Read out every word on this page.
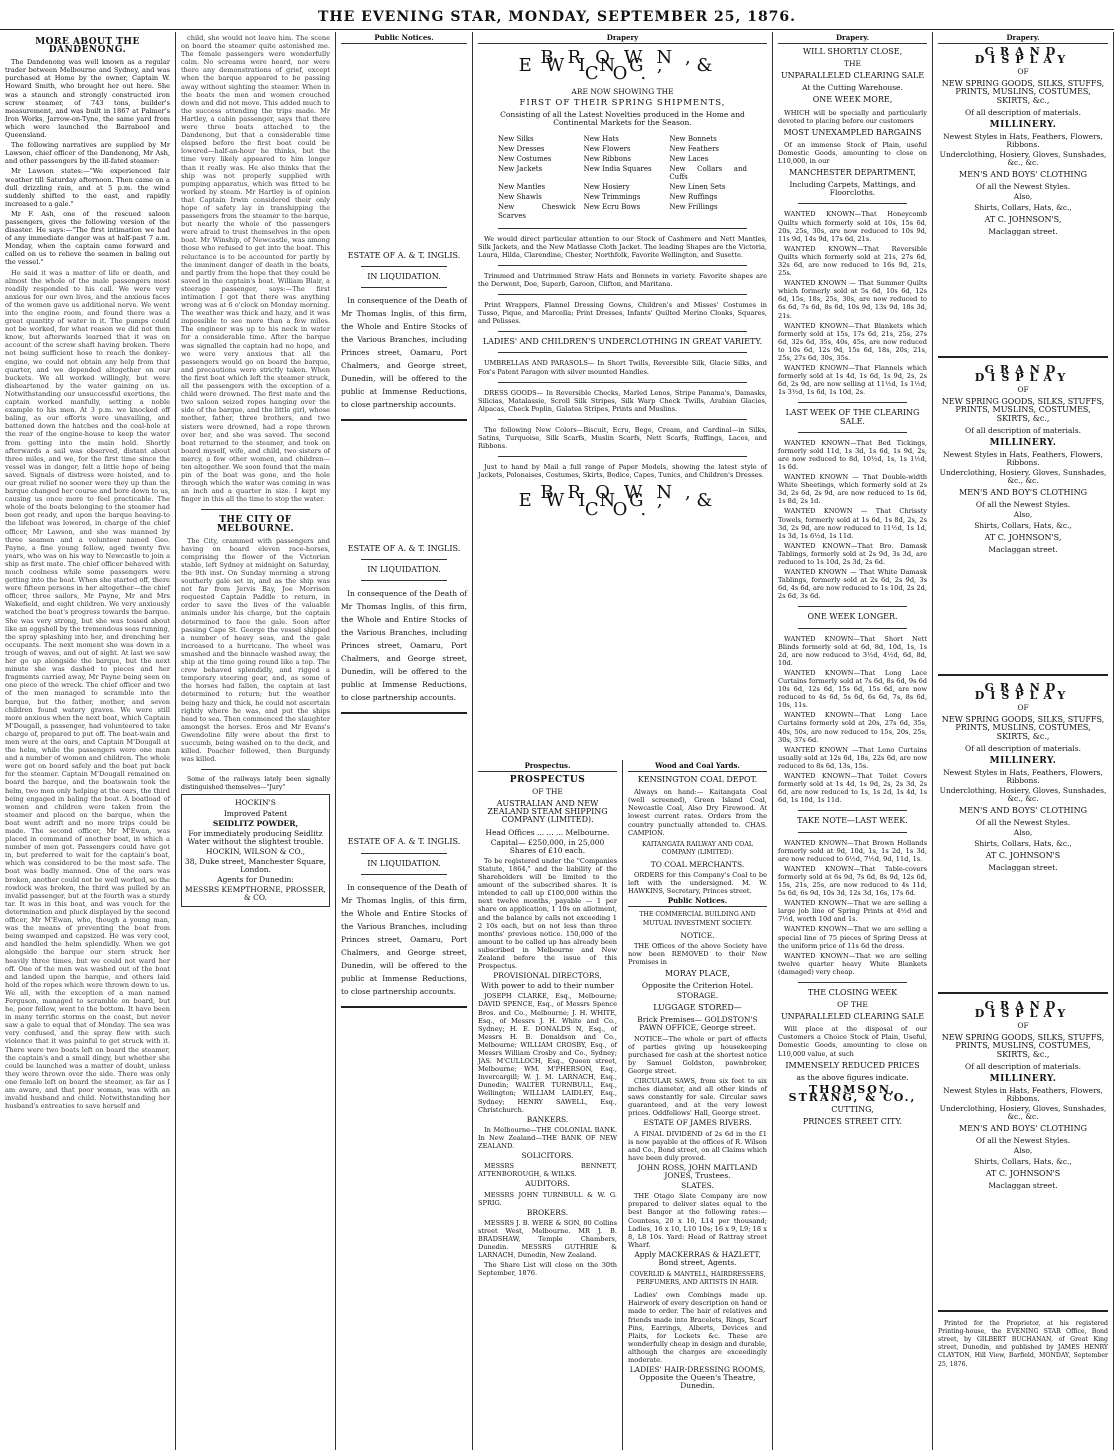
THE EVENING STAR, MONDAY, SEPTEMBER 25, 1876.
MORE ABOUT THE DANDENONG.

The Dandenong was well known as a regular trader between Melbourne and Sydney, and was purchased at Home by the owner, Captain W. Howard Smith, who brought her out here. She was a staunch and strongly constructed iron screw steamer, of 743 tons, builder's measurement, and was built in 1867 at Palmer's Iron Works, Jarrow-on-Tyne, the same yard from which were launched the Barrabool and Queensland.

The following narratives are supplied by Mr Lawson, chief officer of the Dandenong, Mr Ash, and other passengers by the ill-fated steamer:

Mr Lawson states:—"We experienced fair weather till Saturday afternoon. Then came on a dull drizzling rain, and at 5 p.m. the wind suddenly shifted to the east, and rapidly increased to a gale."

Mr F. Ash, one of the rescued saloon passengers, gives the following version of the disaster. He says:—"The first intimation we had of any immediate danger was at half-past 7 a.m. Monday, when the captain came forward and called on us to relieve the seamen in baling out the vessel."

He said it was a matter of life or death, and almost the whole of the male passengers most readily responded to his call. We were very anxious for our own lives, and the anxious faces of the women gave us additional nerve. We went into the engine room, and found there was a great quantity of water in it. The pumps could not be worked, for what reason we did not then know, but afterwards learned that it was on account of the screw shaft having broken. There not being sufficient hose to reach the donkey-engine, we could not obtain any help from that quarter, and we depended altogether on our buckets. We all worked willingly, but were disheartened by the water gaining on us. Notwithstanding our unsuccessful exertions, the captain worked manfully, setting a noble example to his men. At 3 p.m. we knocked off baling, as our efforts were unavailing, and battened down the hatches and the coal-hole at the rear of the engine-house to keep the water from getting into the main hold. Shortly afterwards a sail was observed, distant about three miles, and we, for the first time since the vessel was in danger, felt a little hope of being saved. Signals of distress were hoisted, and to our great relief no sooner were they up than the barque changed her course and bore down to us, causing us once more to feel practicable. The whole of the boats belonging to the steamer had been got ready, and upon the barque heaving-to the lifeboat was lowered, in charge of the chief officer, Mr Lawson, and she was manned by three seamen and a volunteer named Geo. Payne, a fine young fellow, aged twenty five years, who was on his way to Newcastle to join a ship as first mate. The chief officer behaved with much coolness while some passengers were getting into the boat. When she started off, there were fifteen persons in her altogether—the chief officer, three sailors, Mr Payne, Mr and Mrs Wakefield, and eight children. We very anxiously watched the boat's progress towards the barque. She was very strong, but she was tossed about like an eggshell by the tremendous seas running, the spray splashing into her, and drenching her occupants. The next moment she was down in a trough of waves, and out of sight. At last we saw her go up alongside the barque, but the next minute she was dashed to pieces and her fragments carried away, Mr Payne being seen on one piece of the wreck. The chief officer and two of the men managed to scramble into the barque, but the father, mother, and seven children found watery graves. We were still more anxious when the next boat, which Captain M'Dougall, a passenger, had volunteered to take charge of, prepared to put off. The boat-wain and men were at the oars, and Captain M'Dougall at the helm, while the passengers were one man and a number of women and children. The whole were got on board safely and the boat put back for the steamer. Captain M'Dougall remained on board the barque, and the boatswain took the helm, two men only helping at the oars, the third being engaged in baling the boat. A boatload of women and children were taken from the steamer and placed on the barque, when the boat went adrift and no more trips could be made. The second officer, Mr M'Ewan, was placed in command of another boat, in which a number of men got. Passengers could have got in, but preferred to wait for the captain's boat, which was considered to be the most safe. The boat was badly manned. One of the oars was broken, another could not be well worked, so the rowlock was broken, the third was pulled by an invalid passenger, but at the fourth was a sturdy tar. It was in this boat, and was vouch for the determination and pluck displayed by the second officer, Mr M'Ewan, who, though a young man, was the means of preventing the boat from being swamped and capsized. He was very cool, and handled the helm splendidly. When we got alongside the barque our stern struck her heavily three times, but we could not ward her off. One of the men was washed out of the boat and landed upon the barque, and others laid hold of the ropes which were thrown down to us. We all, with the exception of a man named Ferguson, managed to scramble on board, but he, poor fellow, went to the bottom. It have been in many terrific storms on the coast, but never saw a gale to equal that of Monday. The sea was very confused, and the spray flew with such violence that it was painful to get struck with it. There were two boats left on board the steamer, the captain's and a small dingy, but whether she could be launched was a matter of doubt, unless they were thrown over the side. There was only one female left on board the steamer, as far as I am aware, and that poor woman, was with an invalid husband and child. Notwithstanding her husband's entreaties to save herself and

child, she would not leave him. The scene on board the steamer quite astonished me. The female passengers were wonderfully calm. No screams were heard, nor were there any demonstrations of grief, except when the barque appeared to be passing away without sighting the steamer. When in the boats the men and women crouched down and did not move. This added much to the success attending the trips made. Mr Hartley, a cabin passenger, says that there were three boats attached to the Dandenong, but that a considerable time elapsed before the first boat could be lowered—half-an-hour he thinks, but the time very likely appeared to him longer than it really was. He also thinks that the ship was not properly supplied with pumping apparatus, which was fitted to be worked by steam. Mr Hartley is of opinion that Captain Irwin considered their only hope of safety lay in transhipping the passengers from the steamer to the barque, but nearly the whole of the passengers were afraid to trust themselves in the open boat. Mr Winship, of Newcastle, was among those who refused to get into the boat. This reluctance is to be accounted for partly by the imminent danger of death in the boats, and partly from the hope that they could be saved in the captain's boat. William Blair, a steerage passenger, says:—The first intimation I got that there was anything wrong was at 6 o'clock on Monday morning. The weather was thick and hazy, and it was impossible to see more than a few miles. The engineer was up to his neck in water for a considerable time. After the barque was signalled the captain had no hope, and we were very anxious that all the passengers would go on board the barque, and precautions were strictly taken. When the first boat which left the steamer struck, all the passengers with the exception of a child were drowned. The first mate and the two saloon seized ropes hanging over the side of the barque, and the little girl, whose mother, father, three brothers, and two sisters were drowned, had a rope thrown over her, and she was saved. The second boat returned to the steamer, and took on board myself, wife, and child, two sisters of mercy, a few other women, and children—ten altogether. We soon found that the main pin of the boat was gone, and the hole through which the water was coming in was an inch and a quarter in size. I kept my finger in this all the time to stop the water.

THE CITY OF MELBOURNE.

The City, crammed with passengers and having on board eleven race-horses, comprising the flower of the Victorian stable, left Sydney at midnight on Saturday, the 9th inst. On Sunday morning a strong southerly gale set in, and as the ship was not far from Jervis Bay, Joe Morrison requested Captain Paddle to return, in order to save the lives of the valuable animals under his charge, but the captain determined to face the gale. Soon after passing Cape St. George the vessel shipped a number of heavy seas, and the gale increased to a hurricane. The wheel was smashed and the binnacle washed away, the ship at the time going round like a top. The crew behaved splendidly, and rigged a temporary steering gear, and, as some of the horses had fallen, the captain at last determined to return; but the weather being hazy and thick, he could not ascertain rightly where he was, and put the ships head to sea. Then commenced the slaughter amongst the horses. Eros and Mr Evans's Gwendoline filly were about the first to succumb, being washed on to the deck, and killed. Poacher followed, then Burgundy was killed.

Some of the railways lately been signally distinguished themselves—"Jury"

HOCKIN'S
Improved Patent
SEIDLITZ POWDER,
For immediately producing Seidlitz Water without the slightest trouble.
HOCKIN, WILSON & CO.,
38, Duke street, Manchester Square, London.
Agents for Dunedin:
MESSRS KEMPTHORNE, PROSSER, & CO.
Public Notices.
ESTATE OF A. & T. INGLIS.
IN LIQUIDATION.

In consequence of the Death of Mr Thomas Inglis, of this firm, the Whole and Entire Stocks of the Various Branches, including Princes street, Oamaru, Port Chalmers, and George street, Dunedin, will be offered to the public at Immense Reductions, to close partnership accounts.

ESTATE OF A. & T. INGLIS.
IN LIQUIDATION.

In consequence of the Death of Mr Thomas Inglis, of this firm, the Whole and Entire Stocks of the Various Branches, including Princes street, Oamaru, Port Chalmers, and George street, Dunedin, will be offered to the public at Immense Reductions, to close partnership accounts.

ESTATE OF A. & T. INGLIS.
IN LIQUIDATION.

In consequence of the Death of Mr Thomas Inglis, of this firm, the Whole and Entire Stocks of the Various Branches, including Princes street, Oamaru, Port Chalmers, and George street, Dunedin, will be offered to the public at Immense Reductions, to close partnership accounts.

Drapery
BROWN, EWING, & CO.
ARE NOW SHOWING THE
FIRST OF THEIR SPRING SHIPMENTS,
Consisting of all the Latest Novelties produced in the Home and Continental Markets for the Season.
New Silks	New Hats	New Bonnets
New Dresses	New Flowers	New Feathers
New Costumes	New Ribbons	New Laces
New Jackets	New India Squares	New Collars and Cuffs
New Mantles	New Hosiery	New Linen Sets
New Shawls	New Trimmings	New Ruffings
New Cheswick Scarves
New Ecru Bows	New Frillings

We would direct particular attention to our Stock of Cashmere and Nett Mantles, Silk Jackets, and the New Matlasse Cloth Jacket. The leading Shapes are the Victoria, Laura, Hilda, Clarendine, Chester, Northfolk, Favorite Wellington, and Susette.

Trimmed and Untrimmed Straw Hats and Bonnets in variety. Favorite shapes are the Derwent, Doe, Superb, Garoon, Clifton, and Maritana.

Print Wrappers, Flannel Dressing Gowns, Children's and Misses' Costumes in Tusso, Pique, and Marcella; Print Dresses, Infants' Quilted Merino Cloaks, Squares, and Pelisses.

LADIES' AND CHILDREN'S UNDERCLOTHING IN GREAT VARIETY.

UMBRELLAS AND PARASOLS— In Short Twills, Reversible Silk, Glacie Silks, and Fox's Patent Paragon with silver mounted Handles.

DRESS GOODS— In Reversible Checks, Marled Lenos, Stripe Panama's, Damasks, Silicias, Matalassie, Scroll Silk Stripes, Silk Warp Check Twills, Arabian Glacies, Alpacas, Check Poplin, Galatea Stripes, Prints and Muslins.

The following New Colors—Biscuit, Ecru, Bege, Cream, and Cardinal—in Silks, Satins, Turquoise, Silk Scarfs, Muslin Scarfs, Nett Scarfs, Ruffings, Laces, and Ribbons.

Just to hand by Mail a full range of Paper Models, showing the latest style of Jackets, Polonaises, Costumes, Skirts, Bodice, Capes, Tunics, and Children's Dresses.

BROWN, EWING, & CO.
Prospectus.
PROSPECTUS
OF THE
AUSTRALIAN AND NEW ZEALAND STEAM SHIPPING COMPANY (LIMITED).
Head Offices ... ... ... Melbourne.
Capital— £250,000, in 25,000 Shares of £10 each.

To be registered under the "Companies Statute, 1864," and the liability of the Shareholders will be limited to the amount of the subscribed shares. It is intended to call up £100,000 within the next twelve months, payable — 1 per share on application, 1 10s on allotment, and the balance by calls not exceeding 1 2 10s each, but on not less than three months' previous notice. 150,000 of the amount to be called up has already been subscribed in Melbourne and New Zealand before the issue of this Prospectus.

PROVISIONAL DIRECTORS,
With power to add to their number

JOSEPH CLARKE, Esq., Melbourne; DAVID SPENCE, Esq., of Messrs Spence Bros. and Co., Melbourne; J. H. WHITE, Esq., of Messrs J. H. White and Co., Sydney; H. E. DONALDS N, Esq., of Messrs H. B. Donaldson and Co., Melbourne; WILLIAM CROSBY, Esq., of Messrs William Crosby and Co., Sydney; JAS. M'CULLOCH, Esq., Queen street, Melbourne; WM. M'PHERSON, Esq., Invercargill; W. J. M. LARNACH, Esq., Dunedin; WALTER TURNBULL, Esq., Wellington; WILLIAM LAIDLEY, Esq., Sydney; HENRY SAWELL, Esq., Christchurch.

BANKERS.

In Melbourne—THE COLONIAL BANK. In New Zealand—THE BANK OF NEW ZEALAND.

SOLICITORS.

MESSRS BENNETT, ATTENBOROUGH, & WILKS.

AUDITORS.

MESSRS JOHN TURNBULL & W. G. SPRIG.

BROKERS.

MESSRS J. B. WERE & SON, 80 Collins street West, Melbourne. MR J. B. BRADSHAW, Temple Chambers, Dunedin. MESSRS GUTHRIE & LARNACH, Dunedin, New Zealand.

The Share List will close on the 30th September, 1876.

Wood and Coal Yards.
KENSINGTON COAL DEPOT.

Always on hand:— Kaitangata Coal (well screened), Green Island Coal, Newcastle Coal, Also Dry Firewood. At lowest current rates. Orders from the country punctually attended to. CHAS. CAMPION.

KAITANGATA RAILWAY AND COAL COMPANY (LIMITED).
TO COAL MERCHANTS.

ORDERS for this Company's Coal to be left with the undersigned. M. W. HAWKINS, Secretary, Princes street.

Public Notices.
THE COMMERCIAL BUILDING AND MUTUAL INVESTMENT SOCIETY.
NOTICE.

THE Offices of the above Society have now been REMOVED to their New Premises in

MORAY PLACE,
Opposite the Criterion Hotel.
STORAGE.
LUGGAGE STORED—
Brick Premises— GOLDSTON'S PAWN OFFICE, George street.

NOTICE—The whole or part of effects of parties giving up housekeeping purchased for cash at the shortest notice by Samuel Goldston, pawnbroker, George street.

CIRCULAR SAWS, from six feet to six inches diameter, and all other kinds of saws constantly for sale. Circular saws guaranteed, and at the very lowest prices. Oddfellows' Hall, George street.

ESTATE OF JAMES RIVERS.

A FINAL DIVIDEND of 2s 6d in the £1 is now payable at the offices of R. Wilson and Co., Bond street, on all Claims which have been duly proved.

JOHN ROSS, JOHN MAITLAND JONES, Trustees.
SLATES.

THE Otago Slate Company are now prepared to deliver slates equal to the best Bangor at the following rates:— Countess, 20 x 10, L14 per thousand; Ladies, 16 x 10, L10 10s; 16 x 9, L9; 18 x 8, L8 10s. Yard: Head of Rattray street Wharf.

Apply MACKERRAS & HAZLETT, Bond street, Agents.
COVERLID & MANTELL, HAIRDRESSERS, PERFUMERS, AND ARTISTS IN HAIR.

Ladies' own Combings made up. Hairwork of every description on hand or made to order. The hair of relatives and friends made into Bracelets, Rings, Scarf Pins, Earrings, Alberts, Devices and Plaits, for Lockets &c. These are wonderfully cheap in design and durable, although the charges are exceedingly moderate.

LADIES' HAIR-DRESSING ROOMS, Opposite the Queen's Theatre, Dunedin.
Drapery.
WILL SHORTLY CLOSE,
THE
UNPARALLELED CLEARING SALE
At the Cutting Warehouse.
ONE WEEK MORE,

WHICH will be specially and particularly devoted to placing before our customers

MOST UNEXAMPLED BARGAINS

Of an immense Stock of Plain, useful Domestic Goods, amounting to close on L10,000, in our

MANCHESTER DEPARTMENT,
Including Carpets, Mattings, and Floorcloths.

WANTED KNOWN—That Honeycomb Quilts which formerly sold at 10s, 15s 6d, 20s, 25s, 30s, are now reduced to 10s 9d, 11s 9d, 14s 9d, 17s 6d, 21s.

WANTED KNOWN—That Reversible Quilts which formerly sold at 21s, 27s 6d, 32s 6d, are now reduced to 16s 9d, 21s, 25s.

WANTED KNOWN — That Summer Quilts which formerly sold at 5s 6d, 10s 6d, 12s 6d, 15s, 18s, 25s, 30s, are now reduced to 6s 6d, 7s 6d, 8s 6d, 10s 9d, 13s 9d, 18s 3d, 21s.

WANTED KNOWN—That Blankets which formerly sold at 15s, 17s 6d, 21s, 25s, 27s 6d, 32s 6d, 35s, 40s, 45s, are now reduced to 10s 6d, 12s 9d, 15s 6d, 18s, 20s, 21s, 25s, 27s 6d, 30s, 35s.

WANTED KNOWN—That Flannels which formerly sold at 1s 4d, 1s 6d, 1s 9d, 2s, 2s 6d, 2s 9d, are now selling at 11½d, 1s 1½d, 1s 3½d, 1s 6d, 1s 10d, 2s.

LAST WEEK OF THE CLEARING SALE.

WANTED KNOWN—That Bed Tickings, formerly sold 11d, 1s 3d, 1s 6d, 1s 9d, 2s, are now reduced to 8d, 10½d, 1s, 1s 1½d, 1s 6d.

WANTED KNOWN — That Double-width White Sheetings, which formerly sold at 2s 3d, 2s 6d, 2s 9d, are now reduced to 1s 6d, 1s 8d, 2s 1d.

WANTED KNOWN — That Chrissty Towels, formerly sold at 1s 6d, 1s 8d, 2s, 2s 3d, 2s 9d, are now reduced to 11½d, 1s 1d, 1s 3d, 1s 6½d, 1s 11d.

WANTED KNOWN—That Bro. Damask Tablings, formerly sold at 2s 9d, 3s 3d, are reduced to 1s 10d, 2s 3d, 2s 6d.

WANTED KNOWN — That White Damask Tablings, formerly sold at 2s 6d, 2s 9d, 3s 6d, 4s 6d, are now reduced to 1s 10d, 2s 2d, 2s 6d, 3s 6d.

ONE WEEK LONGER.

WANTED KNOWN—That Short Nett Blinds formerly sold at 6d, 8d, 10d, 1s, 1s 2d, are now reduced to 3½d, 4½d, 6d, 8d, 10d.

WANTED KNOWN—That Long Lace Curtains formerly sold at 7s 6d, 8s 6d, 9s 6d 10s 6d, 12s 6d, 15s 6d, 15s 6d, are now reduced to 4s 6d, 5s 6d, 6s 6d, 7s, 8s 6d, 10s, 11s.

WANTED KNOWN—That Long Lace Curtains formerly sold at 20s, 27s 6d, 35s, 40s, 50s, are now reduced to 15s, 20s, 25s, 30s, 37s 6d.

WANTED KNOWN —That Leno Curtains usually sold at 12s 6d, 18s, 22s 6d, are now reduced to 8s 6d, 13s, 15s.

WANTED KNOWN—That Toilet Covers formerly sold at 1s 4d, 1s 9d, 2s, 2s 3d, 2s 6d, are now reduced to 1s, 1s 2d, 1s 4d, 1s 6d, 1s 10d, 1s 11d.

TAKE NOTE—LAST WEEK.

WANTED KNOWN—That Brown Hollands formerly sold at 9d, 10d, 1s, 1s 2d, 1s 3d, are now reduced to 6½d, 7½d, 9d, 11d, 1s.

WANTED KNOWN—That Table-covers formerly sold at 6s 9d, 7s 6d, 8s 9d, 12s 6d, 15s, 21s, 25s, are now reduced to 4s 11d, 5s 6d, 6s 9d, 10s 3d, 12s 3d, 16s, 17s 6d.

WANTED KNOWN—That we are selling a large job line of Spring Prints at 4½d and 7½d, worth 10d and 1s.

WANTED KNOWN—That we are selling a special line of 75 pieces of Spring Dress at the uniform price of 11s 6d the dress.

WANTED KNOWN—That we are selling twelve quarter heavy White Blankets (damaged) very cheap.

THE CLOSING WEEK
OF THE
UNPARALLELED CLEARING SALE

Will place at the disposal of our Customers a Choice Stock of Plain, Useful, Domestic Goods, amounting to close on L10,000 value, at such

IMMENSELY REDUCED PRICES
as the above figures indicate.
THOMSON, STRANG, & CO.,
CUTTING,
PRINCES STREET CITY.
Drapery.
GRAND DISPLAY
OF
NEW SPRING GOODS, SILKS, STUFFS, PRINTS, MUSLINS, COSTUMES, SKIRTS, &c.,
Of all description of materials.
MILLINERY.
Newest Styles in Hats, Feathers, Flowers, Ribbons.
Underclothing, Hosiery, Gloves, Sunshades, &c., &c.
MEN'S AND BOYS' CLOTHING
Of all the Newest Styles.
Also,
Shirts, Collars, Hats, &c.,
AT C. JOHNSON'S,
Maclaggan street.
GRAND DISPLAY
OF
NEW SPRING GOODS, SILKS, STUFFS, PRINTS, MUSLINS, COSTUMES, SKIRTS, &c.,
Of all description of materials.
MILLINERY.
Newest Styles in Hats, Feathers, Flowers, Ribbons.
Underclothing, Hosiery, Gloves, Sunshades, &c., &c.
MEN'S AND BOY'S CLOTHING
Of all the Newest Styles.
Also,
Shirts, Collars, Hats, &c.,
AT C. JOHNSON'S,
Maclaggan street.
GRAND DISPLAY
OF
NEW SPRING GOODS, SILKS, STUFFS, PRINTS, MUSLINS, COSTUMES, SKIRTS, &c.,
Of all description of materials.
MILLINERY.
Newest Styles in Hats, Feathers, Flowers, Ribbons.
Underclothing, Hosiery, Gloves, Sunshades, &c., &c.
MEN'S AND BOYS' CLOTHING
Of all the Newest Styles.
Also,
Shirts, Collars, Hats, &c.,
AT C. JOHNSON'S
Maclaggan street.
GRAND DISPLAY
OF
NEW SPRING GOODS, SILKS, STUFFS, PRINTS, MUSLINS, COSTUMES, SKIRTS, &c.,
Of all description of materials.
MILLINERY.
Newest Styles in Hats, Feathers, Flowers, Ribbons.
Underclothing, Hosiery, Gloves, Sunshades, &c., &c.
MEN'S AND BOYS' CLOTHING
Of all the Newest Styles.
Also,
Shirts, Collars, Hats, &c.,
AT C. JOHNSON'S
Maclaggan street.

Printed for the Proprietor, at his registered Printing-house, the EVENING STAR Office, Bond street, by GILBERT BUCHANAN, of Great King street, Dunedin, and published by JAMES HENRY CLAYTON, Hill View, Barfield, MONDAY, September 25, 1876.
